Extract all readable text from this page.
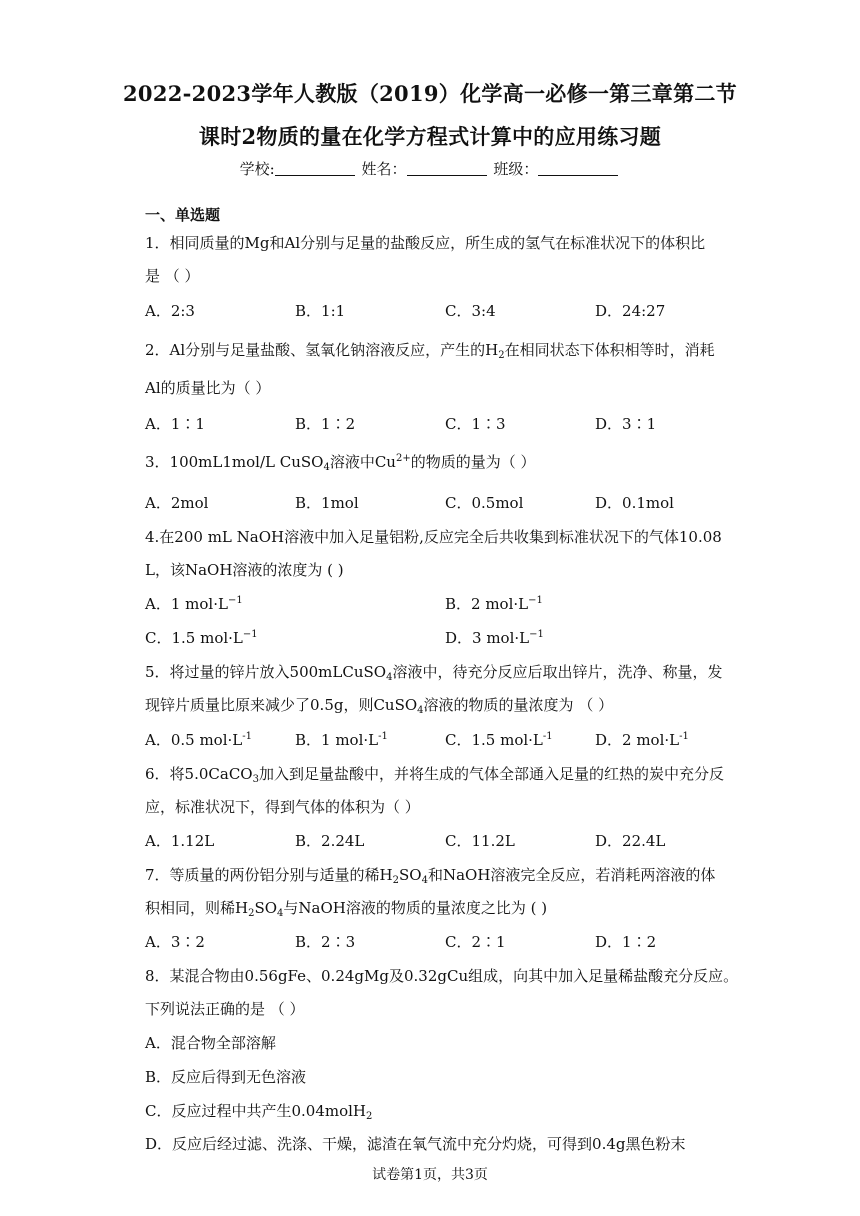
2022-2023学年人教版（2019）化学高一必修一第三章第二节
课时2物质的量在化学方程式计算中的应用练习题
学校:	姓名：	班级：
一、单选题
1．相同质量的Mg和Al分别与足量的盐酸反应，所生成的氢气在标准状况下的体积比
是 （ ）
A．2:3	B．1:1	C．3:4	D．24:27
2．Al分别与足量盐酸、氢氧化钠溶液反应，产生的$H_2$在相同状态下体积相等时，消耗
Al的质量比为（ ）
A．1∶1	B．1∶2	C．1∶3	D．3∶1
3．100mL1mol/L CuSO$_4$溶液中$Cu^{2+}$的物质的量为（ ）
A．2mol	B．1mol	C．0.5mol	D．0.1mol
4.在200 mL NaOH溶液中加入足量铝粉,反应完全后共收集到标准状况下的气体10.08
L，该NaOH溶液的浓度为 ( )
A．1 $mol\cdot L^{-1}$	B．2 $mol\cdot L^{-1}$
C．1.5 $mol\cdot L^{-1}$	D．3 $mol\cdot L^{-1}$
5．将过量的锌片放入500mLCuSO$_4$溶液中，待充分反应后取出锌片，洗净、称量，发
现锌片质量比原来减少了0.5g，则CuSO$_4$溶液的物质的量浓度为 （ ）
A．0.5 $mol\cdot L^{-1}$	B．1 $mol\cdot L^{-1}$	C．1.5 $mol\cdot L^{-1}$	D．2 $mol\cdot L^{-1}$
6．将5.0CaCO$_3$加入到足量盐酸中，并将生成的气体全部通入足量的红热的炭中充分反
应，标准状况下，得到气体的体积为（ ）
A．1.12L	B．2.24L	C．11.2L	D．22.4L
7．等质量的两份铝分别与适量的稀$H_2SO_4$和NaOH溶液完全反应，若消耗两溶液的体
积相同，则稀$H_2SO_4$与NaOH溶液的物质的量浓度之比为 ( )
A．3∶2	B．2∶3	C．2∶1	D．1∶2
8．某混合物由0.56gFe、0.24gMg及0.32gCu组成，向其中加入足量稀盐酸充分反应。
下列说法正确的是 （ ）
A．混合物全部溶解
B．反应后得到无色溶液
C．反应过程中共产生0.04molH$_2$
D．反应后经过滤、洗涤、干燥，滤渣在氧气流中充分灼烧，可得到0.4g黑色粉末
试卷第1页，共3页
